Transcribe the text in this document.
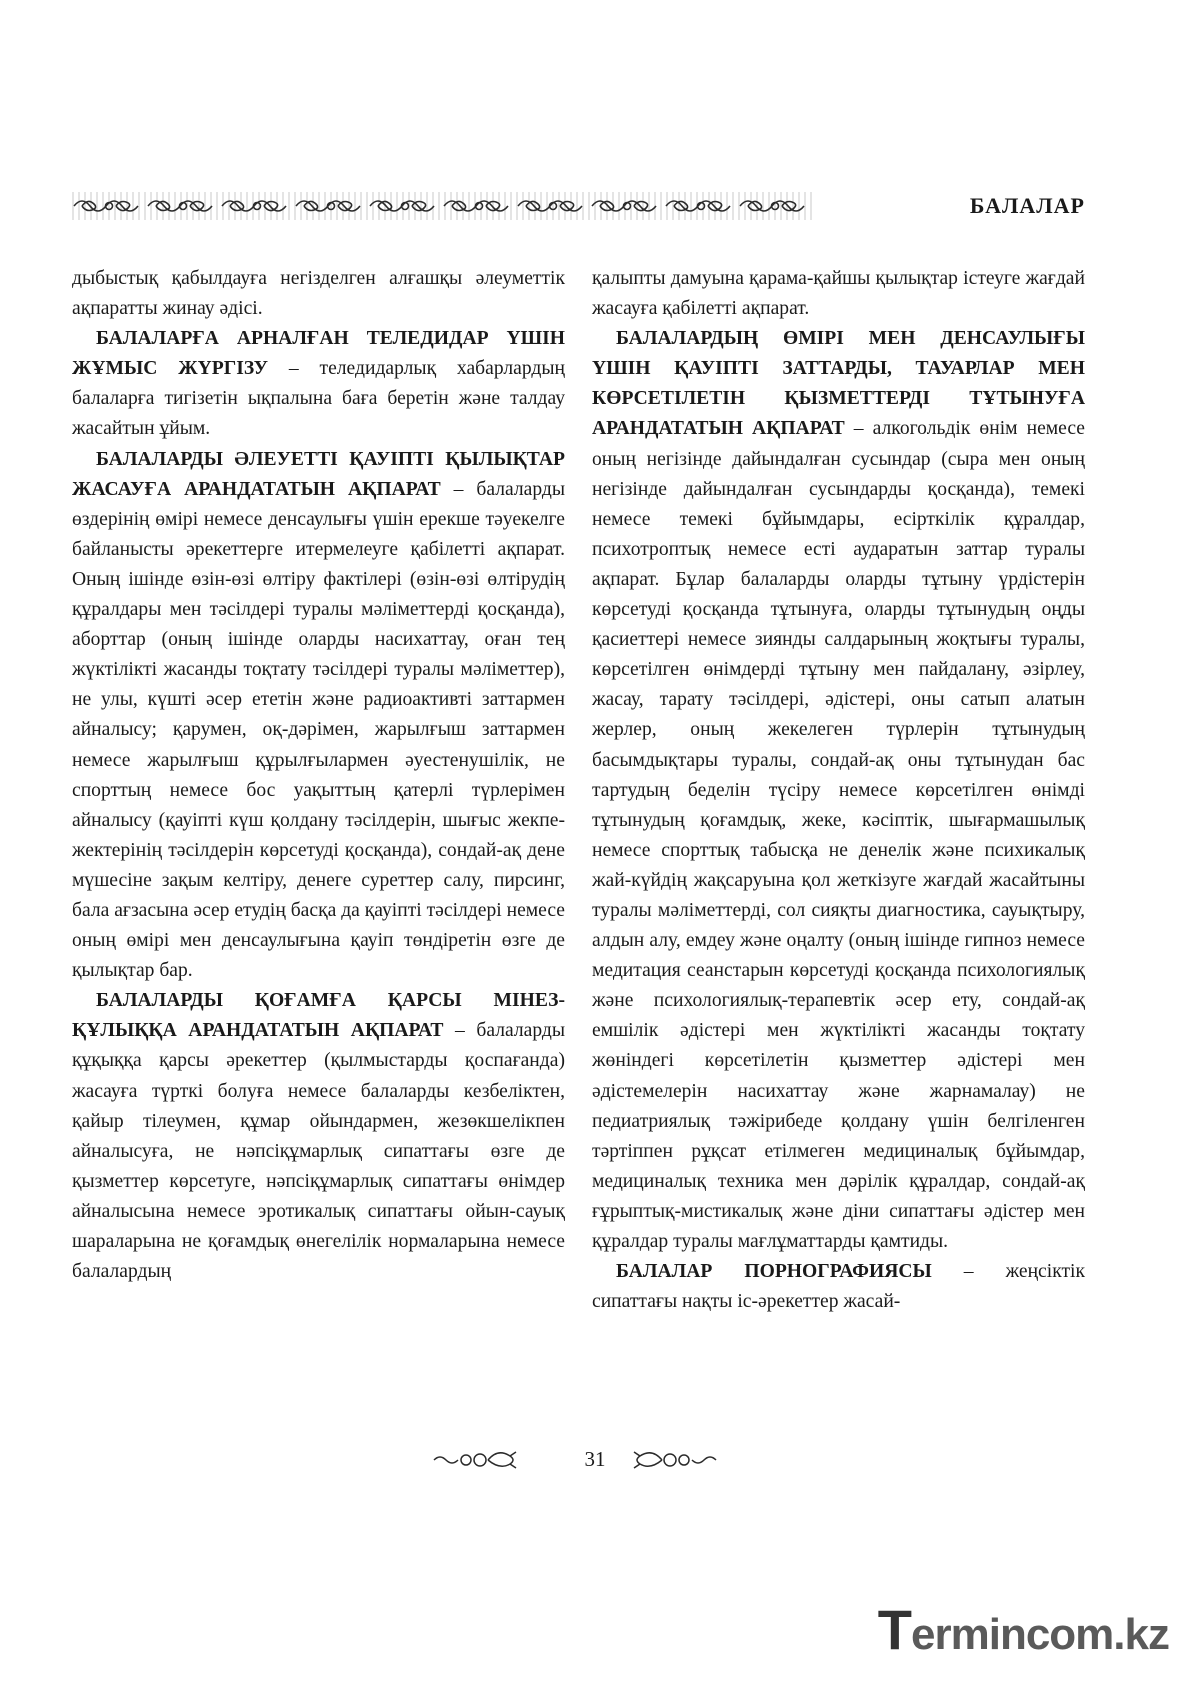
БАЛАЛАР

дыбыстық қабылдауға негізделген алғашқы әлеуметтік ақпаратты жинау әдісі.

БАЛАЛАРҒА АРНАЛҒАН ТЕЛЕДИДАР ҮШІН ЖҰМЫС ЖҮРГІЗУ – теледидарлық хабарлардың балаларға тигізетін ықпалына баға беретін және талдау жасайтын ұйым.

БАЛАЛАРДЫ ӘЛЕУЕТТІ ҚАУІПТІ ҚЫЛЫҚТАР ЖАСАУҒА АРАНДАТАТЫН АҚПАРАТ – балаларды өздерінің өмірі немесе денсаулығы үшін ерекше тәуекелге байланысты әрекеттерге итермелеуге қабілетті ақпарат. Оның ішінде өзін-өзі өлтіру фактілері (өзін-өзі өлтірудің құралдары мен тәсілдері туралы мәліметтерді қосқанда), аборттар (оның ішінде оларды насихаттау, оған тең жүктілікті жасанды тоқтату тәсілдері туралы мәліметтер), не улы, күшті әсер ететін және радиоактивті заттармен айналысу; қарумен, оқ-дәрімен, жарылғыш заттармен немесе жарылғыш құрылғылармен әуестенушілік, не спорттың немесе бос уақыттың қатерлі түрлерімен айналысу (қауіпті күш қолдану тәсілдерін, шығыс жекпе-жектерінің тәсілдерін көрсетуді қосқанда), сондай-ақ дене мүшесіне зақым келтіру, денеге суреттер салу, пирсинг, бала ағзасына әсер етудің басқа да қауіпті тәсілдері немесе оның өмірі мен денсаулығына қауіп төндіретін өзге де қылықтар бар.

БАЛАЛАРДЫ ҚОҒАМҒА ҚАРСЫ МІНЕЗ-ҚҰЛЫҚҚА АРАНДАТАТЫН АҚПАРАТ – балаларды құқыққа қарсы әрекеттер (қылмыстарды қоспағанда) жасауға түрткі болуға немесе балаларды кезбеліктен, қайыр тілеумен, құмар ойындармен, жезөкшелікпен айналысуға, не нәпсіқұмарлық сипаттағы өзге де қызметтер көрсетуге, нәпсіқұмарлық сипаттағы өнімдер айналысына немесе эротикалық сипаттағы ойын-сауық шараларына не қоғамдық өнегелілік нормаларына немесе балалардың

қалыпты дамуына қарама-қайшы қылықтар істеуге жағдай жасауға қабілетті ақпарат.

БАЛАЛАРДЫҢ ӨМІРІ МЕН ДЕНСАУЛЫҒЫ ҮШІН ҚАУІПТІ ЗАТТАРДЫ, ТАУАРЛАР МЕН КӨРСЕТІЛЕТІН ҚЫЗМЕТТЕРДІ ТҰТЫНУҒА АРАНДАТАТЫН АҚПАРАТ – алкогольдік өнім немесе оның негізінде дайындалған сусындар (сыра мен оның негізінде дайындалған сусындарды қосқанда), темекі немесе темекі бұйымдары, есірткілік құралдар, психотроптық немесе есті аударатын заттар туралы ақпарат. Бұлар балаларды оларды тұтыну үрдістерін көрсетуді қосқанда тұтынуға, оларды тұтынудың оңды қасиеттері немесе зиянды салдарының жоқтығы туралы, көрсетілген өнімдерді тұтыну мен пайдалану, әзірлеу, жасау, тарату тәсілдері, әдістері, оны сатып алатын жерлер, оның жекелеген түрлерін тұтынудың басымдықтары туралы, сондай-ақ оны тұтынудан бас тартудың беделін түсіру немесе көрсетілген өнімді тұтынудың қоғамдық, жеке, кәсіптік, шығармашылық немесе спорттық табысқа не денелік және психикалық жай-күйдің жақсаруына қол жеткізуге жағдай жасайтыны туралы мәліметтерді, сол сияқты диагностика, сауықтыру, алдын алу, емдеу және оңалту (оның ішінде гипноз немесе медитация сеанстарын көрсетуді қосқанда психологиялық және психологиялық-терапевтік әсер ету, сондай-ақ емшілік әдістері мен жүктілікті жасанды тоқтату жөніндегі көрсетілетін қызметтер әдістері мен әдістемелерін насихаттау және жарнамалау) не педиатриялық тәжірибеде қолдану үшін белгіленген тәртіппен рұқсат етілмеген медициналық бұйымдар, медициналық техника мен дәрілік құралдар, сондай-ақ ғұрыптық-мистикалық және діни сипаттағы әдістер мен құралдар туралы мағлұматтарды қамтиды.

БАЛАЛАР ПОРНОГРАФИЯСЫ – жеңсіктік сипаттағы нақты іс-әрекеттер жасай-

31
Termincom.kz
